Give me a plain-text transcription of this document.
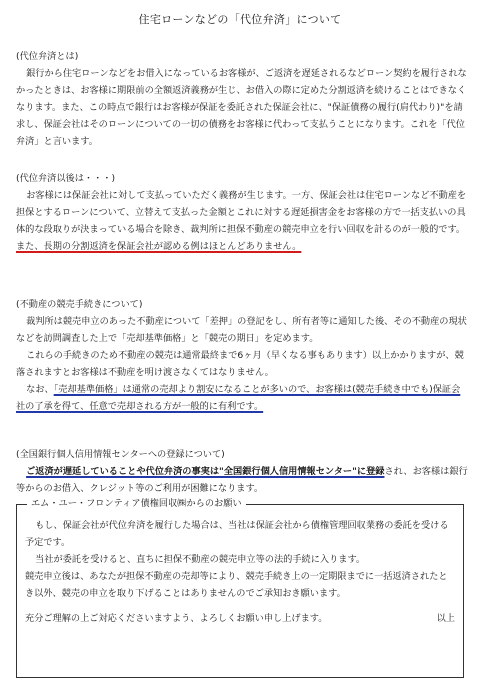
住宅ローンなどの「代位弁済」について

(代位弁済とは)

銀行から住宅ローンなどをお借入になっているお客様が、ご返済を遅延されるなどローン契約を履行されなかったときは、お客様に期限前の全額返済義務が生じ、お借入の際に定めた分割返済を続けることはできなくなります。また、この時点で銀行はお客様が保証を委託された保証会社に、"保証債務の履行(肩代わり)"を請求し、保証会社はそのローンについての一切の債務をお客様に代わって支払うことになります。これを「代位弁済」と言います。

(代位弁済以後は・・・)

お客様には保証会社に対して支払っていただく義務が生じます。一方、保証会社は住宅ローンなど不動産を担保とするローンについて、立替えて支払った金額とこれに対する遅延損害金をお客様の方で一括支払いの具体的な段取りが決まっている場合を除き、裁判所に担保不動産の競売申立を行い回収を計るのが一般的です。また、長期の分割返済を保証会社が認める例はほとんどありません。

(不動産の競売手続きについて)

裁判所は競売申立のあった不動産について「差押」の登記をし、所有者等に通知した後、その不動産の現状などを訪問調査した上で「売却基準価格」と「競売の期日」を定めます。

これらの手続きのため不動産の競売は通常最終まで6ヶ月（早くなる事もあります）以上かかりますが、競落されますとお客様は不動産を明け渡さなくてはなりません。

なお、「売却基準価格」は通常の売却より割安になることが多いので、お客様は(競売手続き中でも)保証会社の了承を得て、任意で売却される方が一般的に有利です。

(全国銀行個人信用情報センターへの登録について)

ご返済が遅延していることや代位弁済の事実は"全国銀行個人信用情報センター"に登録され、お客様は銀行等からのお借入、クレジット等のご利用が困難になります。

エム・ユー・フロンティア債権回収㈱からのお願い

もし、保証会社が代位弁済を履行した場合は、当社は保証会社から債権管理回収業務の委託を受ける予定です。

当社が委託を受けると、直ちに担保不動産の競売申立等の法的手続に入ります。

競売申立後は、あなたが担保不動産の売却等により、競売手続き上の一定期限までに一括返済されたとき以外、競売の申立を取り下げることはありませんのでご承知おき願います。

充分ご理解の上ご対応くださいますよう、よろしくお願い申し上げます。	以上
